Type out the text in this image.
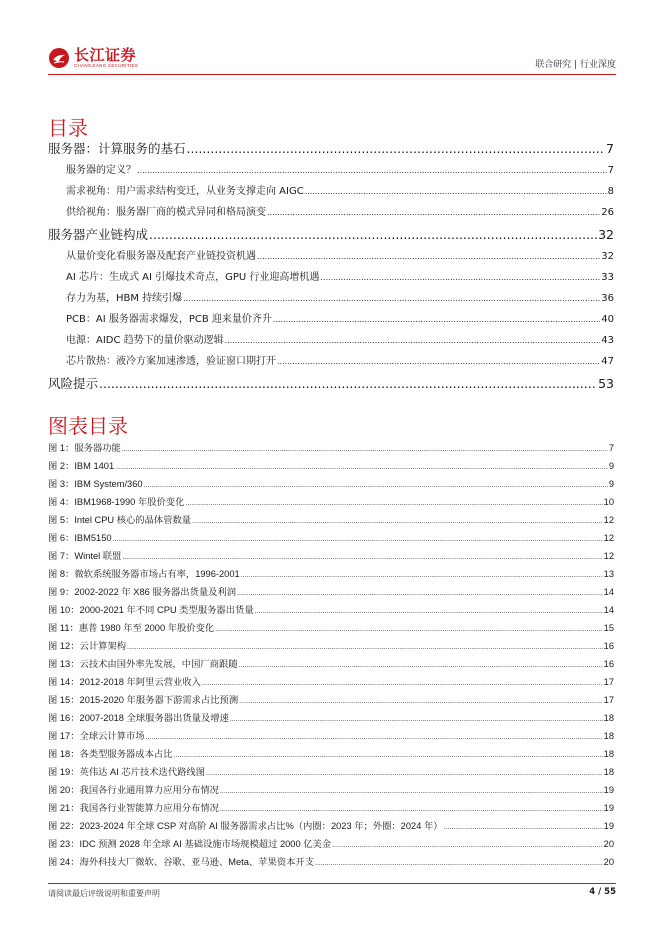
长江证券
CHANGJIANG SECURITIES	联合研究 | 行业深度
目录
服务器：计算服务的基石 .....	7
服务器的定义？ .....	7
需求视角：用户需求结构变迁，从业务支撑走向 AIGC .....	8
供给视角：服务器厂商的模式异同和格局演变 .....	26
服务器产业链构成 .....	32
从量价变化看服务器及配套产业链投资机遇 .....	32
AI 芯片：生成式 AI 引爆技术奇点，GPU 行业迎高增机遇 .....	33
存力为基，HBM 持续引爆 .....	36
PCB：AI 服务器需求爆发，PCB 迎来量价齐升 .....	40
电源：AIDC 趋势下的量价驱动逻辑 .....	43
芯片散热：液冷方案加速渗透，验证窗口期打开 .....	47
风险提示 .....	53
图表目录
图 1：服务器功能 .....	7
图 2：IBM 1401 .....	9
图 3：IBM System/360 .....	9
图 4：IBM1968-1990 年股价变化 .....	10
图 5：Intel CPU 核心的晶体管数量 .....	12
图 6：IBM5150 .....	12
图 7：Wintel 联盟 .....	12
图 8：微软系统服务器市场占有率，1996-2001 .....	13
图 9：2002-2022 年 X86 服务器出货量及利润 .....	14
图 10：2000-2021 年不同 CPU 类型服务器出货量 .....	14
图 11：惠普 1980 年至 2000 年股价变化 .....	15
图 12：云计算架构 .....	16
图 13：云技术由国外率先发展，中国厂商跟随 .....	16
图 14：2012-2018 年阿里云营业收入 .....	17
图 15：2015-2020 年服务器下游需求占比预测 .....	17
图 16：2007-2018 全球服务器出货量及增速 .....	18
图 17：全球云计算市场 .....	18
图 18：各类型服务器成本占比 .....	18
图 19：英伟达 AI 芯片技术迭代路线图 .....	18
图 20：我国各行业通用算力应用分布情况 .....	19
图 21：我国各行业智能算力应用分布情况 .....	19
图 22：2023-2024 年全球 CSP 对高阶 AI 服务器需求占比%（内圈：2023 年；外圈：2024 年） .....	19
图 23：IDC 预测 2028 年全球 AI 基础设施市场规模超过 2000 亿美金 .....	20
图 24：海外科技大厂微软、谷歌、亚马逊、Meta、苹果资本开支 .....	20
请阅读最后评级说明和重要声明	4 / 55
